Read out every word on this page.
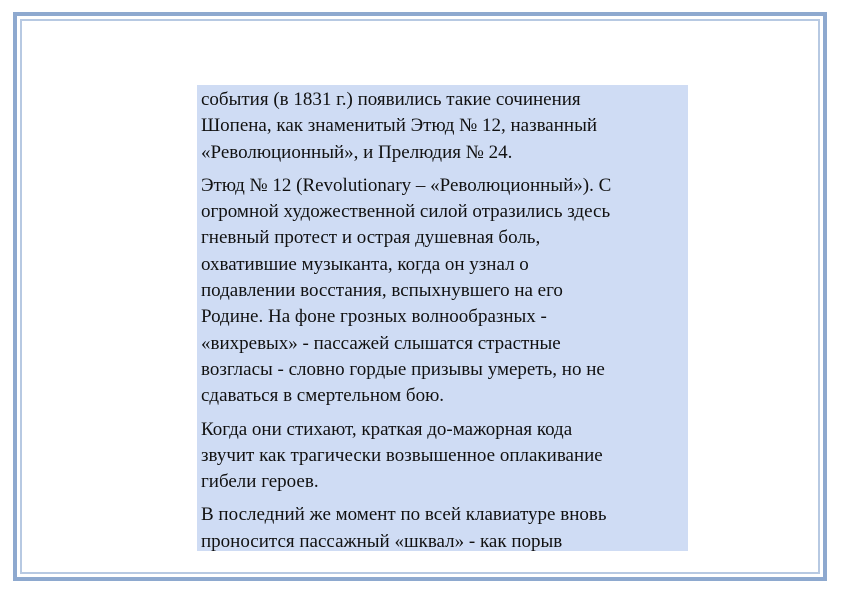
события (в 1831 г.) появились такие сочинения
Шопена, как знаменитый Этюд № 12, названный
«Революционный», и Прелюдия № 24.

Этюд № 12 (Revolutionary – «Революционный»). С
огромной художественной силой отразились здесь
гневный протест и острая душевная боль,
охватившие музыканта, когда он узнал о
подавлении восстания, вспыхнувшего на его
Родине. На фоне грозных волнообразных -
«вихревых» - пассажей слышатся страстные
возгласы - словно гордые призывы умереть, но не
сдаваться в смертельном бою.

Когда они стихают, краткая до-мажорная кода
звучит как трагически возвышенное оплакивание
гибели героев.

В последний же момент по всей клавиатуре вновь
проносится пассажный «шквал» - как порыв
